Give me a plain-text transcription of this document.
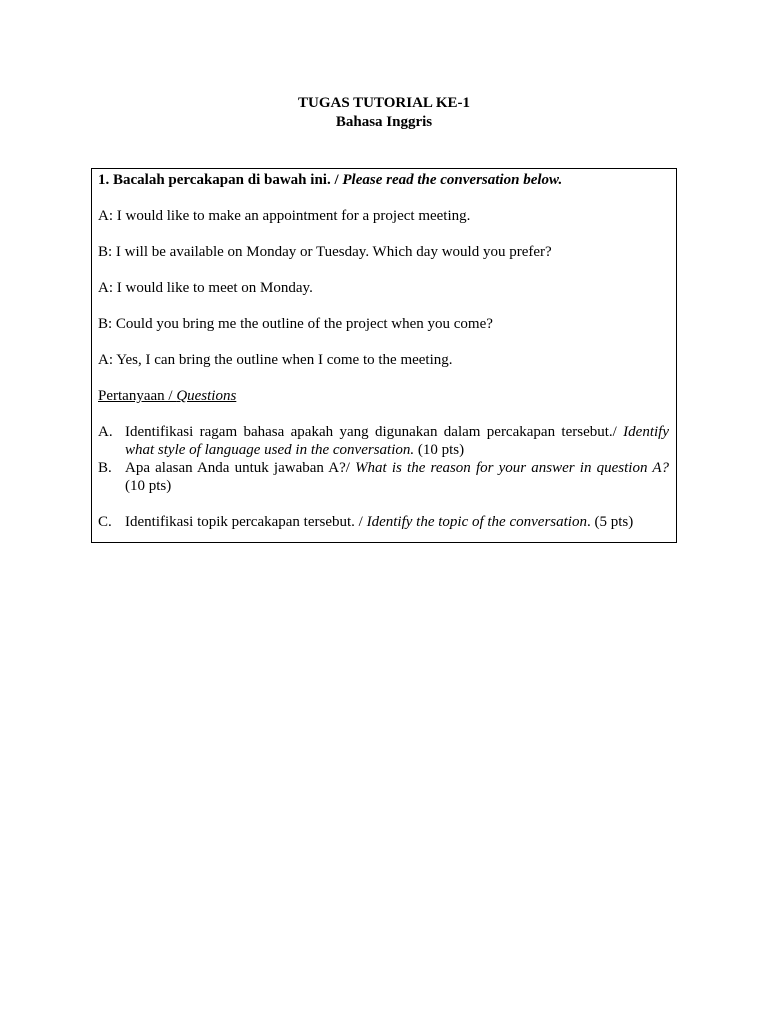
TUGAS TUTORIAL KE-1
Bahasa Inggris

1. Bacalah percakapan di bawah ini. / Please read the conversation below.

A: I would like to make an appointment for a project meeting.

B: I will be available on Monday or Tuesday. Which day would you prefer?

A: I would like to meet on Monday.

B: Could you bring me the outline of the project when you come?

A: Yes, I can bring the outline when I come to the meeting.

Pertanyaan / Questions

A. Identifikasi ragam bahasa apakah yang digunakan dalam percakapan tersebut./ Identify what style of language used in the conversation. (10 pts)
B. Apa alasan Anda untuk jawaban A?/ What is the reason for your answer in question A? (10 pts)
C. Identifikasi topik percakapan tersebut. / Identify the topic of the conversation. (5 pts)
